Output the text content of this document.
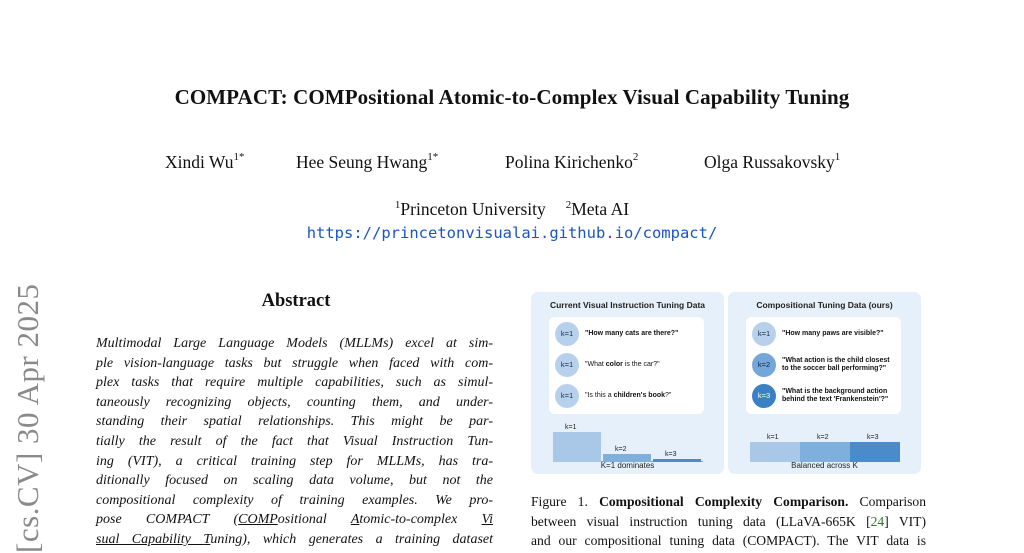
[cs.CV] 30 Apr 2025
COMPACT: COMPositional Atomic-to-Complex Visual Capability Tuning
Xindi $Wu^{1*}$	Hee Seung Hwang$^{1*}$	Polina Kirichenko$^2$	Olga Russakovsky$^1$
$^1$Princeton University $^2$Meta AI
https://princetonvisualai.github.io/compact/
Abstract
Multimodal Large Language Models (MLLMs) excel at sim-
ple vision-language tasks but struggle when faced with com-
plex tasks that require multiple capabilities, such as simul-
taneously recognizing objects, counting them, and under-
standing their spatial relationships. This might be par-
tially the result of the fact that Visual Instruction Tun-
ing (VIT), a critical training step for MLLMs, has tra-
ditionally focused on scaling data volume, but not the
compositional complexity of training examples. We pro-
pose COMPACT (COMPositional Atomic-to-complex Vi
sual Capability Tuning), which generates a training dataset
Current Visual Instruction Tuning Data
k=1	"How many cats are there?"
k=1	"What color is the car?"
k=1	"Is this a children's book?"
k=1
k=2
k=3
K=1 dominates
Compositional Tuning Data (ours)
k=1	"How many paws are visible?"
k=2	"What action is the child closest
to the soccer ball performing?"
k=3	"What is the background action
behind the text 'Frankenstein'?"
k=1	k=2	k=3
Balanced across K
Figure 1. Compositional Complexity Comparison. Comparison
between visual instruction tuning data (LLaVA-665K [24] VIT)
and our compositional tuning data (COMPACT). The VIT data is
